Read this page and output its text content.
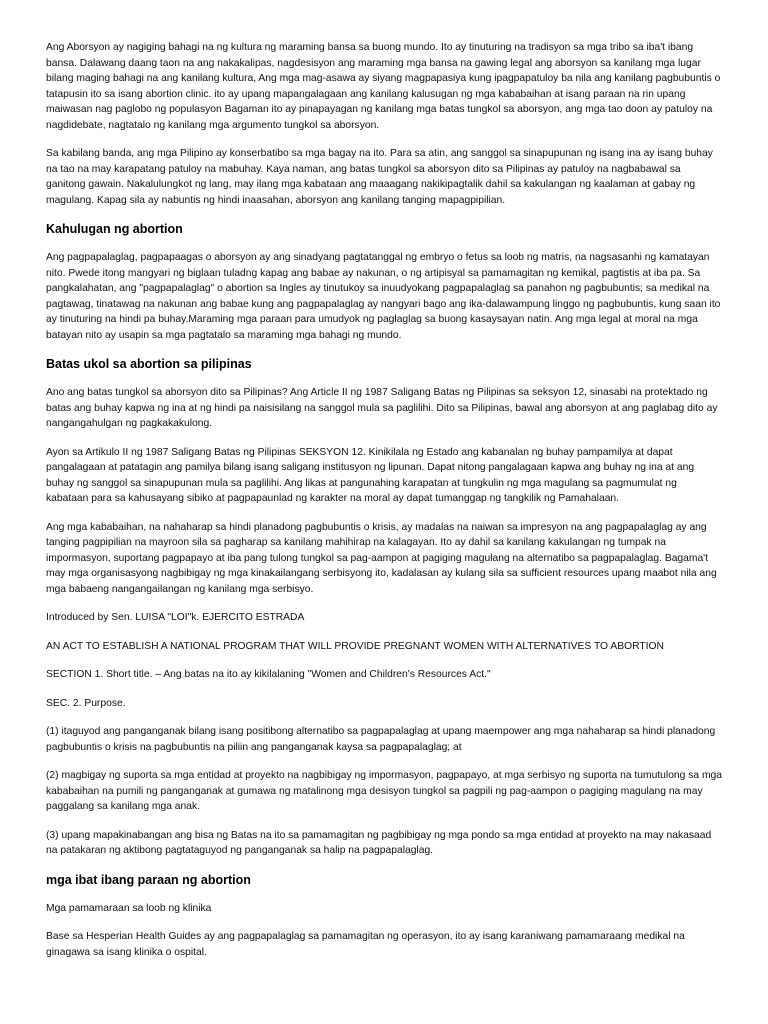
Ang Aborsyon ay nagiging bahagi na ng kultura ng maraming bansa sa buong mundo. Ito ay tinuturing na tradisyon sa mga tribo sa iba't ibang bansa. Dalawang daang taon na ang nakakalipas, nagdesisyon ang maraming mga bansa na gawing legal ang aborsyon sa kanilang mga lugar bilang maging bahagi na ang kanilang kultura, Ang mga mag-asawa ay siyang magpapasiya kung ipagpapatuloy ba nila ang kanilang pagbubuntis o tatapusin ito sa isang abortion clinic. ito ay upang mapangalagaan ang kanilang kalusugan ng mga kababaihan at isang paraan na rin upang maiwasan nag paglobo ng populasyon Bagaman ito ay pinapayagan ng kanilang mga batas tungkol sa aborsyon, ang mga tao doon ay patuloy na nagdidebate, nagtatalo ng kanilang mga argumento tungkol sa aborsyon.

Sa kabilang banda, ang mga Pilipino ay konserbatibo sa mga bagay na ito. Para sa atin, ang sanggol sa sinapupunan ng isang ina ay isang buhay na tao na may karapatang patuloy na mabuhay. Kaya naman, ang batas tungkol sa aborsyon dito sa Pilipinas ay patuloy na nagbabawal sa ganitong gawain. Nakalulungkot ng lang, may ilang mga kabataan ang maaagang nakikipagtalik dahil sa kakulangan ng kaalaman at gabay ng magulang. Kapag sila ay nabuntis ng hindi inaasahan, aborsyon ang kanilang tanging mapagpipilian.

Kahulugan ng abortion

Ang pagpapalaglag, pagpapaagas o aborsyon ay ang sinadyang pagtatanggal ng embryo o fetus sa loob ng matris, na nagsasanhi ng kamatayan nito. Pwede itong mangyari ng biglaan tuladng kapag ang babae ay nakunan, o ng artipisyal sa pamamagitan ng kemikal, pagtistis at iba pa. Sa pangkalahatan, ang "pagpapalaglag" o abortion sa Ingles ay tinutukoy sa inuudyokang pagpapalaglag sa panahon ng pagbubuntis; sa medikal na pagtawag, tinatawag na nakunan ang babae kung ang pagpapalaglag ay nangyari bago ang ika-dalawampung linggo ng pagbubuntis, kung saan ito ay tinuturing na hindi pa buhay.Maraming mga paraan para umudyok ng paglaglag sa buong kasaysayan natin. Ang mga legal at moral na mga batayan nito ay usapin sa mga pagtatalo sa maraming mga bahagi ng mundo.

Batas ukol sa abortion sa pilipinas

Ano ang batas tungkol sa aborsyon dito sa Pilipinas? Ang Article II ng 1987 Saligang Batas ng Pilipinas sa seksyon 12, sinasabi na protektado ng batas ang buhay kapwa ng ina at ng hindi pa naisisilang na sanggol mula sa paglilihi. Dito sa Pilipinas, bawal ang aborsyon at ang paglabag dito ay nangangahulgan ng pagkakakulong.

Ayon sa Artikulo II ng 1987 Saligang Batas ng Pilipinas SEKSYON 12. Kinikilala ng Estado ang kabanalan ng buhay pampamilya at dapat pangalagaan at patatagin ang pamilya bilang isang saligang institusyon ng lipunan. Dapat nitong pangalagaan kapwa ang buhay ng ina at ang buhay ng sanggol sa sinapupunan mula sa paglilihi. Ang likas at pangunahing karapatan at tungkulin ng mga magulang sa pagmumulat ng kabataan para sa kahusayang sibiko at pagpapaunlad ng karakter na moral ay dapat tumanggap ng tangkilik ng Pamahalaan.

Ang mga kababaihan, na nahaharap sa hindi planadong pagbubuntis o krisis, ay madalas na naiwan sa impresyon na ang pagpapalaglag ay ang tanging pagpipilian na mayroon sila sa pagharap sa kanilang mahihirap na kalagayan. Ito ay dahil sa kanilang kakulangan ng tumpak na impormasyon, suportang pagpapayo at iba pang tulong tungkol sa pag-aampon at pagiging magulang na alternatibo sa pagpapalaglag. Bagama't may mga organisasyong nagbibigay ng mga kinakailangang serbisyong ito, kadalasan ay kulang sila sa sufficient resources upang maabot nila ang mga babaeng nangangailangan ng kanilang mga serbisyo.

Introduced by Sen. LUISA "LOI"k. EJERCITO ESTRADA

AN ACT TO ESTABLISH A NATIONAL PROGRAM THAT WILL PROVIDE PREGNANT WOMEN WITH ALTERNATIVES TO ABORTION

SECTION 1. Short title. – Ang batas na ito ay kikilalaning "Women and Children's Resources Act."

SEC. 2. Purpose.

(1) itaguyod ang panganganak bilang isang positibong alternatibo sa pagpapalaglag at upang maempower ang mga nahaharap sa hindi planadong pagbubuntis o krisis na pagbubuntis na piliin ang panganganak kaysa sa pagpapalaglag; at

(2) magbigay ng suporta sa mga entidad at proyekto na nagbibigay ng impormasyon, pagpapayo, at mga serbisyo ng suporta na tumutulong sa mga kababaihan na pumili ng panganganak at gumawa ng matalinong mga desisyon tungkol sa pagpili ng pag-aampon o pagiging magulang na may paggalang sa kanilang mga anak.

(3) upang mapakinabangan ang bisa ng Batas na ito sa pamamagitan ng pagbibigay ng mga pondo sa mga entidad at proyekto na may nakasaad na patakaran ng aktibong pagtataguyod ng panganganak sa halip na pagpapalaglag.

mga ibat ibang paraan ng abortion

Mga pamamaraan sa loob ng klinika

Base sa Hesperian Health Guides ay ang pagpapalaglag sa pamamagitan ng operasyon, ito ay isang karaniwang pamamaraang medikal na ginagawa sa isang klinika o ospital.
